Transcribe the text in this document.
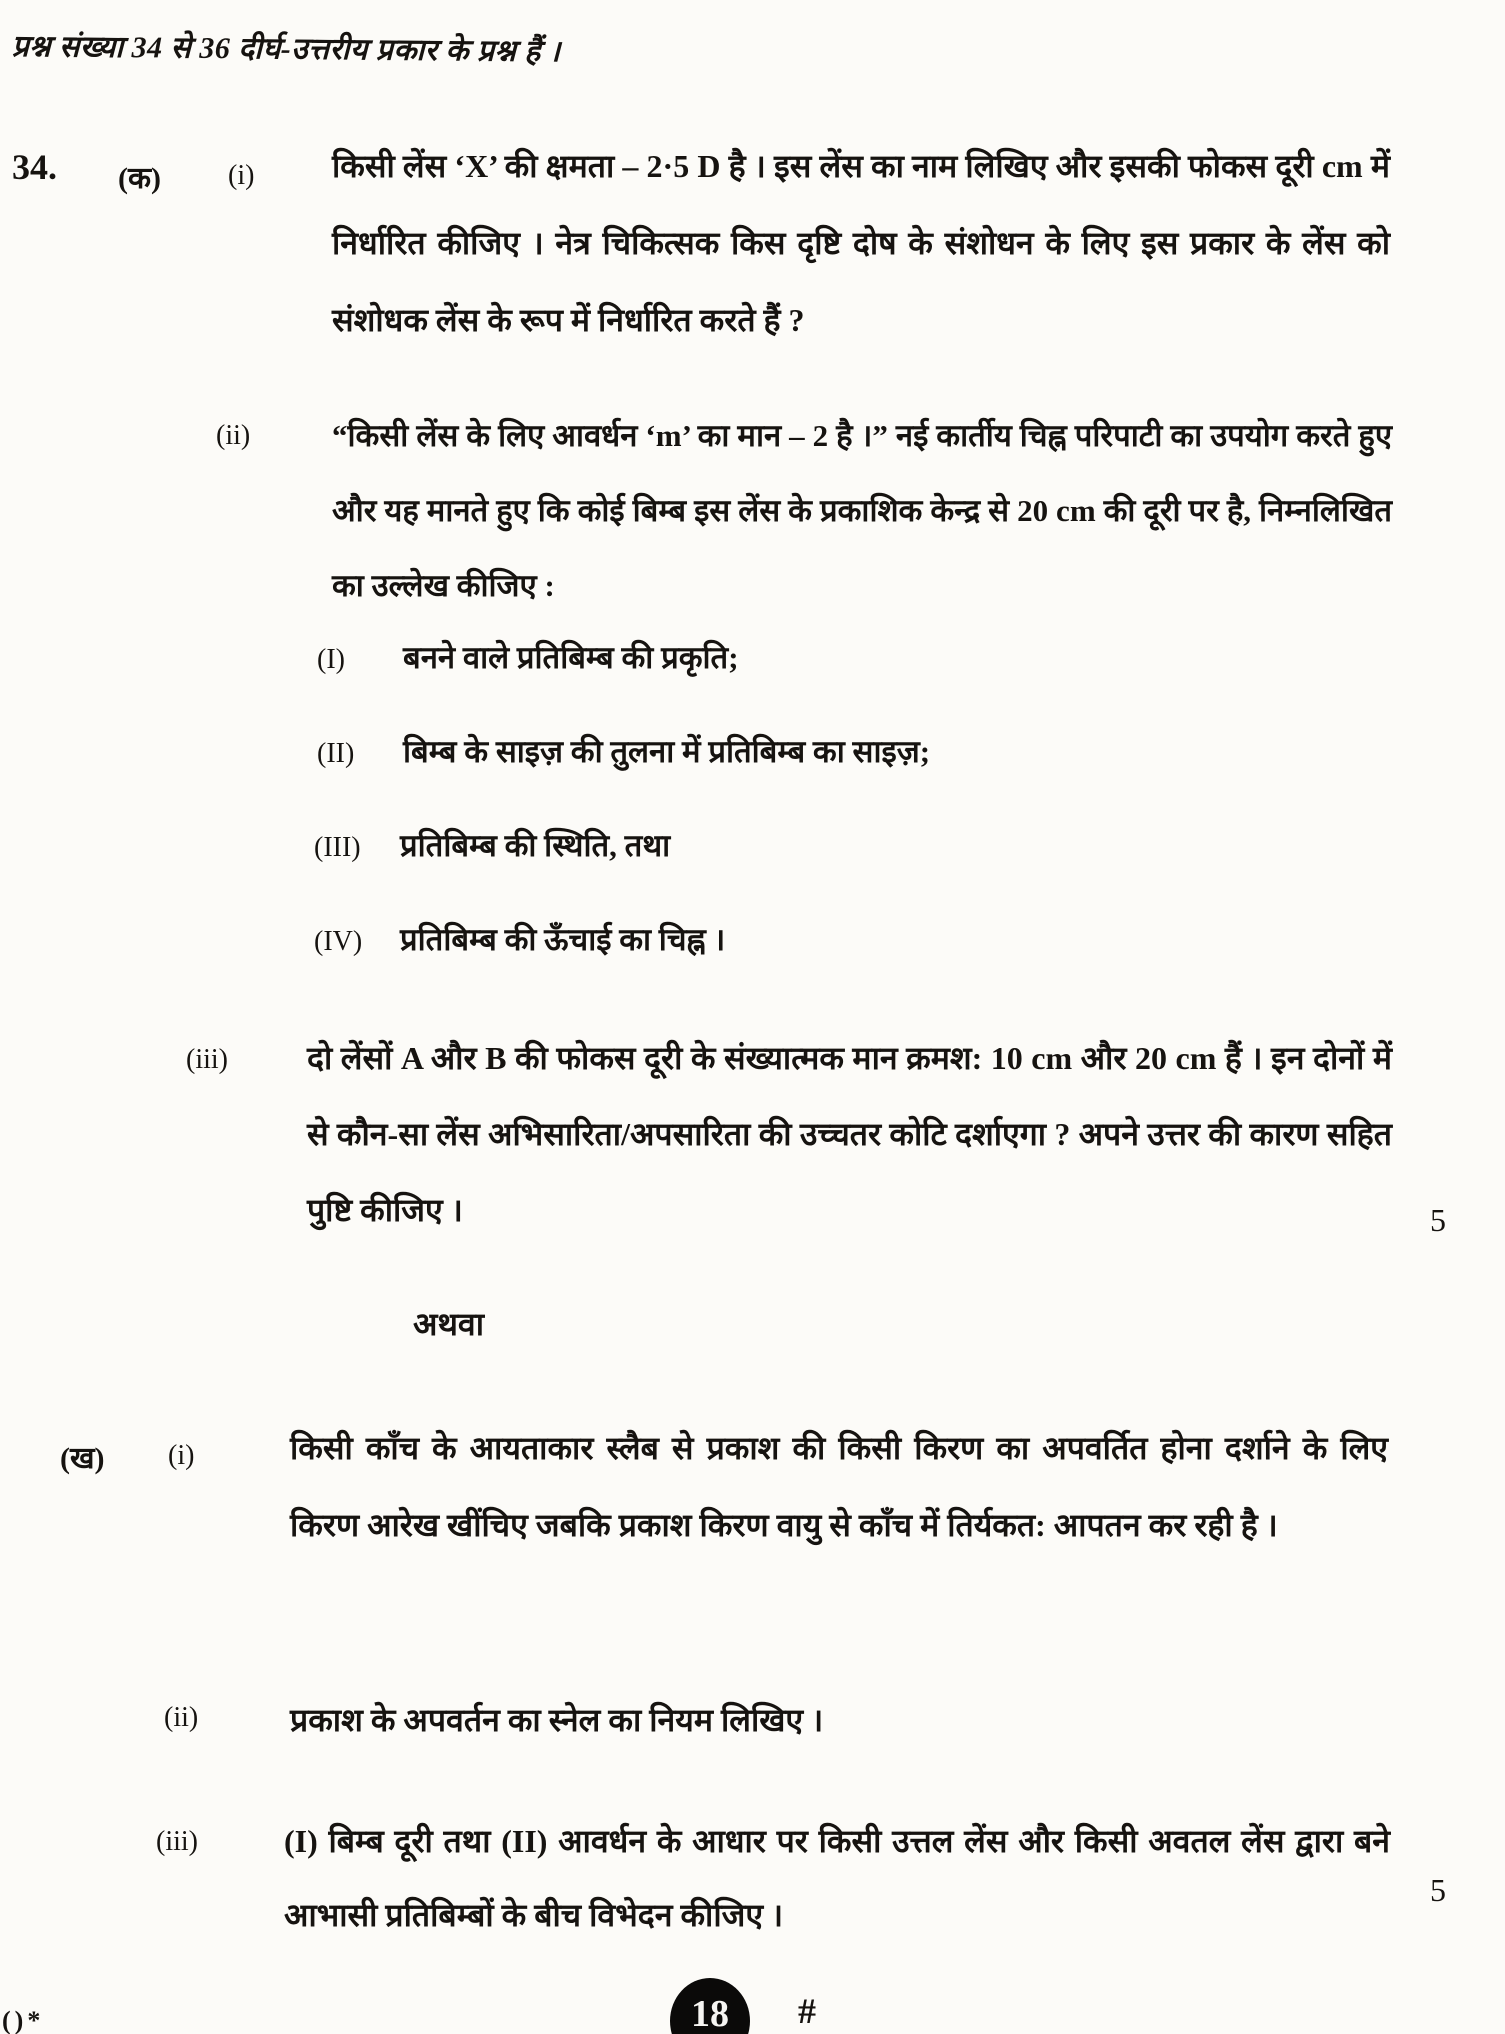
प्रश्न संख्या 34 से 36 दीर्घ-उत्तरीय प्रकार के प्रश्न हैं ।
34. (क) (i) किसी लेंस ‘X’ की क्षमता – 2·5 D है । इस लेंस का नाम लिखिए और इसकी फोकस दूरी cm में निर्धारित कीजिए । नेत्र चिकित्सक किस दृष्टि दोष के संशोधन के लिए इस प्रकार के लेंस को संशोधक लेंस के रूप में निर्धारित करते हैं ?
(ii)	“किसी लेंस के लिए आवर्धन ‘m’ का मान – 2 है ।” नई कार्तीय चिह्न परिपाटी का उपयोग करते हुए और यह मानते हुए कि कोई बिम्ब इस लेंस के प्रकाशिक केन्द्र से 20 cm की दूरी पर है, निम्नलिखित का उल्लेख कीजिए :
(I) बनने वाले प्रतिबिम्ब की प्रकृति;
(II) बिम्ब के साइज़ की तुलना में प्रतिबिम्ब का साइज़;
(III) प्रतिबिम्ब की स्थिति, तथा
(IV) प्रतिबिम्ब की ऊँचाई का चिह्न ।
(iii) दो लेंसों A और B की फोकस दूरी के संख्यात्मक मान क्रमश: 10 cm और 20 cm हैं । इन दोनों में से कौन-सा लेंस अभिसारिता/अपसारिता की उच्चतर कोटि दर्शाएगा ? अपने उत्तर की कारण सहित पुष्टि कीजिए ।	5
अथवा
(ख) (i)	किसी काँच के आयताकार स्लैब से प्रकाश की किसी किरण का अपवर्तित होना दर्शाने के लिए किरण आरेख खींचिए जबकि प्रकाश किरण वायु से काँच में तिर्यकत: आपतन कर रही है ।
(ii)	प्रकाश के अपवर्तन का स्नेल का नियम लिखिए ।
(iii)	(I) बिम्ब दूरी तथा (II) आवर्धन के आधार पर किसी उत्तल लेंस और किसी अवतल लेंस द्वारा बने आभासी प्रतिबिम्बों के बीच विभेदन कीजिए ।
5
18 #
()*
